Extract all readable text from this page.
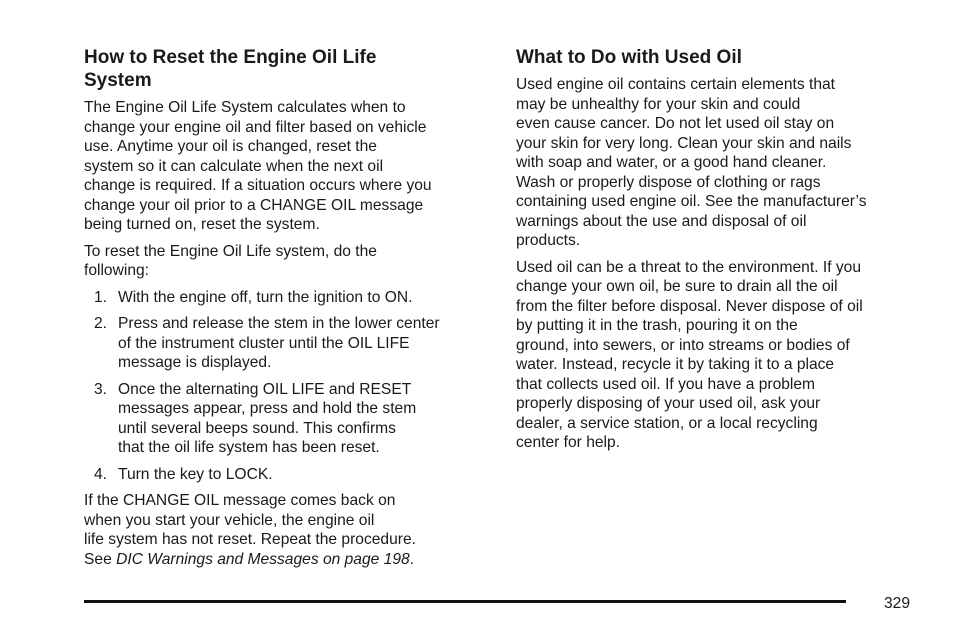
How to Reset the Engine Oil Life
System

The Engine Oil Life System calculates when to
change your engine oil and filter based on vehicle
use. Anytime your oil is changed, reset the
system so it can calculate when the next oil
change is required. If a situation occurs where you
change your oil prior to a CHANGE OIL message
being turned on, reset the system.

To reset the Engine Oil Life system, do the
following:

1. With the engine off, turn the ignition to ON.
2. Press and release the stem in the lower center
of the instrument cluster until the OIL LIFE
message is displayed.
3. Once the alternating OIL LIFE and RESET
messages appear, press and hold the stem
until several beeps sound. This confirms
that the oil life system has been reset.
4. Turn the key to LOCK.

If the CHANGE OIL message comes back on
when you start your vehicle, the engine oil
life system has not reset. Repeat the procedure.
See DIC Warnings and Messages on page 198.

What to Do with Used Oil

Used engine oil contains certain elements that
may be unhealthy for your skin and could
even cause cancer. Do not let used oil stay on
your skin for very long. Clean your skin and nails
with soap and water, or a good hand cleaner.
Wash or properly dispose of clothing or rags
containing used engine oil. See the manufacturer’s
warnings about the use and disposal of oil
products.

Used oil can be a threat to the environment. If you
change your own oil, be sure to drain all the oil
from the filter before disposal. Never dispose of oil
by putting it in the trash, pouring it on the
ground, into sewers, or into streams or bodies of
water. Instead, recycle it by taking it to a place
that collects used oil. If you have a problem
properly disposing of your used oil, ask your
dealer, a service station, or a local recycling
center for help.

329
